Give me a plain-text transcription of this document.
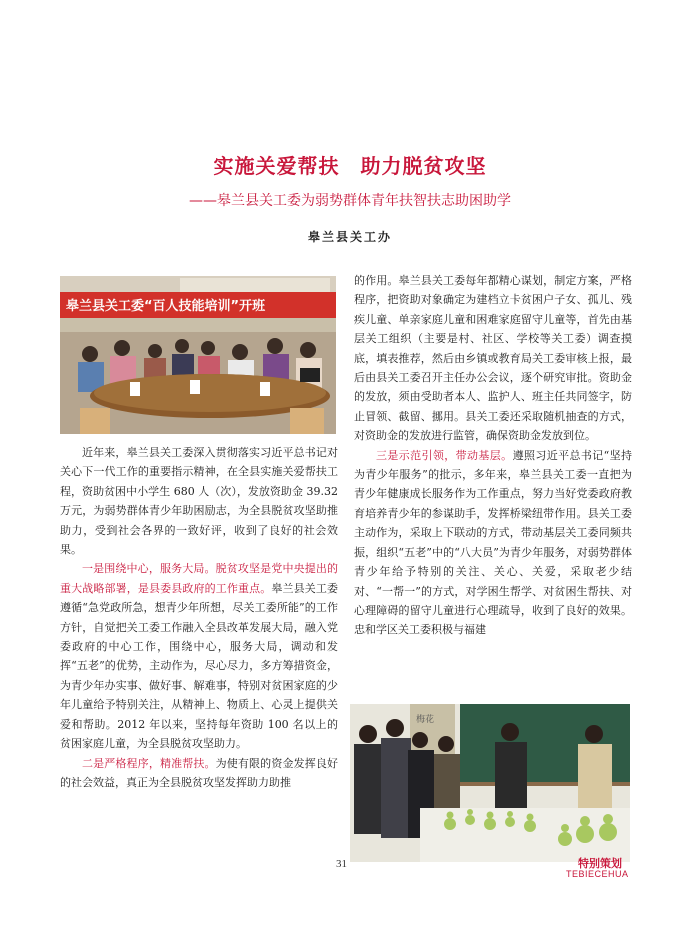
实施关爱帮扶　助力脱贫攻坚
——皋兰县关工委为弱势群体青年扶智扶志助困助学
皋兰县关工办
皋兰县关工委“百人技能培训”开班
梅花

近年来，皋兰县关工委深入贯彻落实习近平总书记对关心下一代工作的重要指示精神，在全县实施关爱帮扶工程，资助贫困中小学生 680 人（次），发放资助金 39.32 万元，为弱势群体青少年助困励志，为全县脱贫攻坚助推助力，受到社会各界的一致好评，收到了良好的社会效果。

一是围绕中心，服务大局。脱贫攻坚是党中央提出的重大战略部署，是县委县政府的工作重点。皋兰县关工委遵循“急党政所急，想青少年所想，尽关工委所能”的工作方针，自觉把关工委工作融入全县改革发展大局，融入党委政府的中心工作，围绕中心，服务大局，调动和发挥“五老”的优势，主动作为，尽心尽力，多方筹措资金，为青少年办实事、做好事、解难事，特别对贫困家庭的少年儿童给予特别关注，从精神上、物质上、心灵上提供关爱和帮助。2012 年以来，坚持每年资助 100 名以上的贫困家庭儿童，为全县脱贫攻坚助力。

二是严格程序，精准帮扶。为使有限的资金发挥良好的社会效益，真正为全县脱贫攻坚发挥助力助推

的作用。皋兰县关工委每年都精心谋划，制定方案，严格程序，把资助对象确定为建档立卡贫困户子女、孤儿、残疾儿童、单亲家庭儿童和困难家庭留守儿童等，首先由基层关工组织（主要是村、社区、学校等关工委）调查摸底，填表推荐，然后由乡镇或教育局关工委审核上报，最后由县关工委召开主任办公会议，逐个研究审批。资助金的发放，须由受助者本人、监护人、班主任共同签字，防止冒领、截留、挪用。县关工委还采取随机抽查的方式，对资助金的发放进行监管，确保资助金发放到位。

三是示范引领，带动基层。遵照习近平总书记“坚持为青少年服务”的批示，多年来，皋兰县关工委一直把为青少年健康成长服务作为工作重点，努力当好党委政府教育培养青少年的参谋助手，发挥桥梁纽带作用。县关工委主动作为，采取上下联动的方式，带动基层关工委同频共振，组织“五老”中的“八大员”为青少年服务，对弱势群体青少年给予特别的关注、关心、关爱，采取老少结对、“一帮一”的方式，对学困生帮学、对贫困生帮扶、对心理障碍的留守儿童进行心理疏导，收到了良好的效果。忠和学区关工委积极与福建

31	特别策划
TEBIECEHUA
